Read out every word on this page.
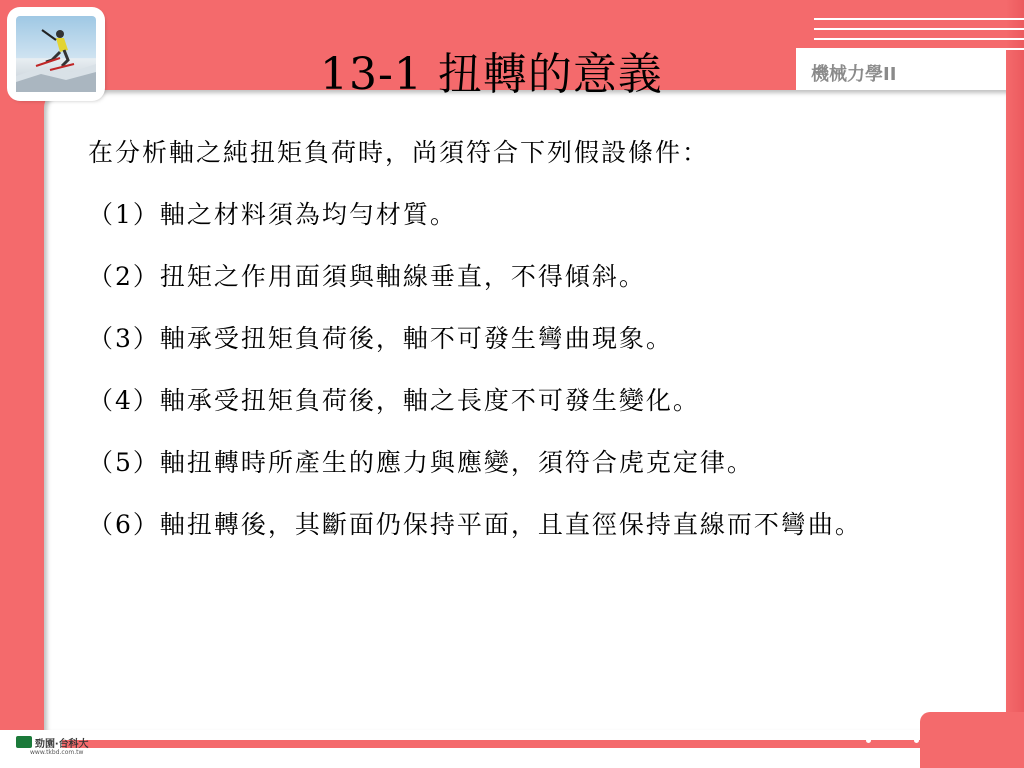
13-1 扭轉的意義	機械力學II

在分析軸之純扭矩負荷時，尚須符合下列假設條件：

（1）軸之材料須為均勻材質。

（2）扭矩之作用面須與軸線垂直，不得傾斜。

（3）軸承受扭矩負荷後，軸不可發生彎曲現象。

（4）軸承受扭矩負荷後，軸之長度不可發生變化。

（5）軸扭轉時所產生的應力與應變，須符合虎克定律。

（6）軸扭轉後，其斷面仍保持平面，且直徑保持直線而不彎曲。

勁園‧台科大
www.tkbd.com.tw
